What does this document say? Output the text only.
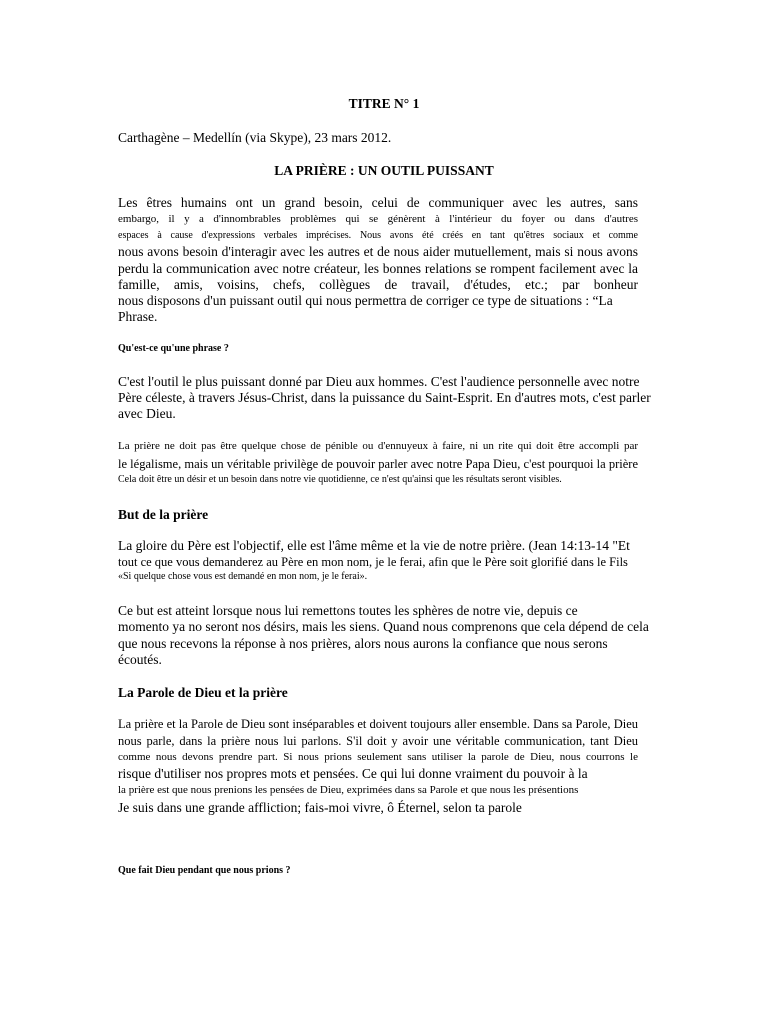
TITRE N° 1
Carthagène – Medellín (via Skype), 23 mars 2012.
LA PRIÈRE : UN OUTIL PUISSANT
Les êtres humains ont un grand besoin, celui de communiquer avec les autres, sans
embargo, il y a d'innombrables problèmes qui se génèrent à l'intérieur du foyer ou dans d'autres
espaces à cause d'expressions verbales imprécises. Nous avons été créés en tant qu'êtres sociaux et comme
nous avons besoin d'interagir avec les autres et de nous aider mutuellement, mais si nous avons
perdu la communication avec notre créateur, les bonnes relations se rompent facilement avec la
famille, amis, voisins, chefs, collègues de travail, d'études, etc.; par bonheur
nous disposons d'un puissant outil qui nous permettra de corriger ce type de situations : “La
Phrase.
Qu'est-ce qu'une phrase ?
C'est l'outil le plus puissant donné par Dieu aux hommes. C'est l'audience personnelle avec notre
Père céleste, à travers Jésus-Christ, dans la puissance du Saint-Esprit. En d'autres mots, c'est parler
avec Dieu.
La prière ne doit pas être quelque chose de pénible ou d'ennuyeux à faire, ni un rite qui doit être accompli par
le légalisme, mais un véritable privilège de pouvoir parler avec notre Papa Dieu, c'est pourquoi la prière
Cela doit être un désir et un besoin dans notre vie quotidienne, ce n'est qu'ainsi que les résultats seront visibles.
But de la prière
La gloire du Père est l'objectif, elle est l'âme même et la vie de notre prière. (Jean 14:13-14 "Et
tout ce que vous demanderez au Père en mon nom, je le ferai, afin que le Père soit glorifié dans le Fils
«Si quelque chose vous est demandé en mon nom, je le ferai».
Ce but est atteint lorsque nous lui remettons toutes les sphères de notre vie, depuis ce
momento ya no seront nos désirs, mais les siens. Quand nous comprenons que cela dépend de cela
que nous recevons la réponse à nos prières, alors nous aurons la confiance que nous serons
écoutés.
La Parole de Dieu et la prière
La prière et la Parole de Dieu sont inséparables et doivent toujours aller ensemble. Dans sa Parole, Dieu
nous parle, dans la prière nous lui parlons. S'il doit y avoir une véritable communication, tant Dieu
comme nous devons prendre part. Si nous prions seulement sans utiliser la parole de Dieu, nous courrons le
risque d'utiliser nos propres mots et pensées. Ce qui lui donne vraiment du pouvoir à la
la prière est que nous prenions les pensées de Dieu, exprimées dans sa Parole et que nous les présentions
Je suis dans une grande affliction; fais-moi vivre, ô Éternel, selon ta parole
Que fait Dieu pendant que nous prions ?
